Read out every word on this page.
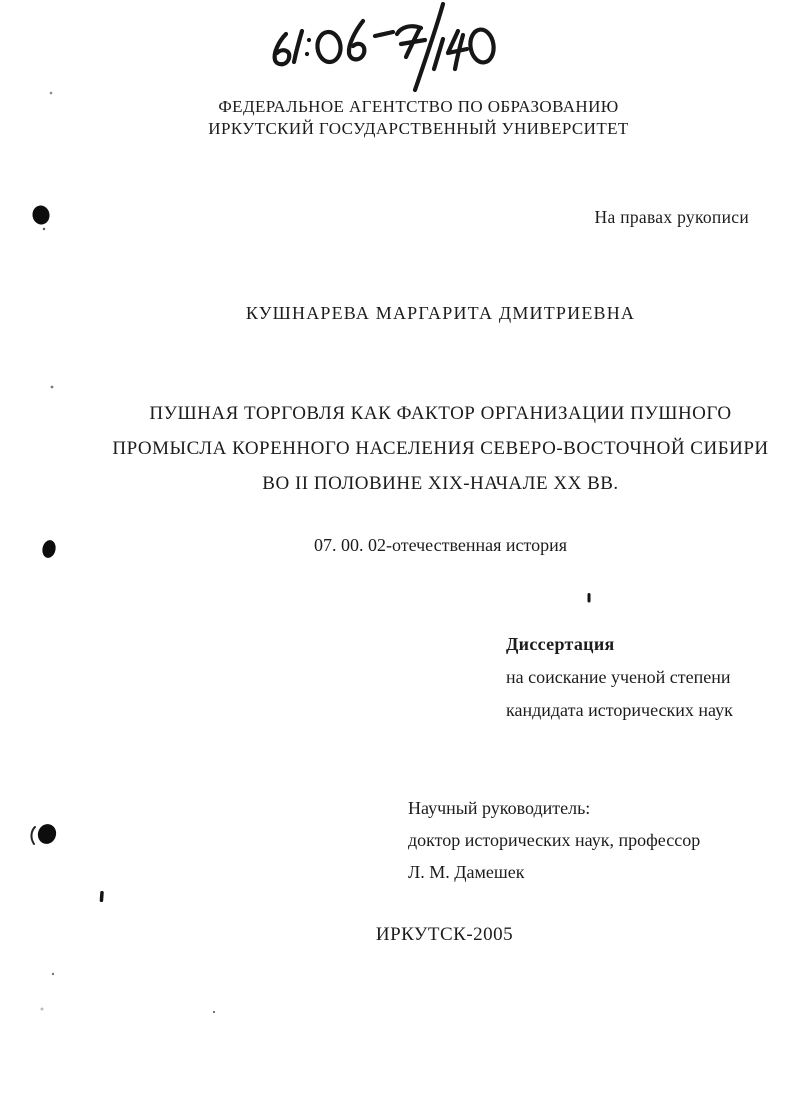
ФЕДЕРАЛЬНОЕ АГЕНТСТВО ПО ОБРАЗОВАНИЮ
ИРКУТСКИЙ ГОСУДАРСТВЕННЫЙ УНИВЕРСИТЕТ
На правах рукописи
КУШНАРЕВА МАРГАРИТА ДМИТРИЕВНА
ПУШНАЯ ТОРГОВЛЯ КАК ФАКТОР ОРГАНИЗАЦИИ ПУШНОГО
ПРОМЫСЛА КОРЕННОГО НАСЕЛЕНИЯ СЕВЕРО-ВОСТОЧНОЙ СИБИРИ
ВО II ПОЛОВИНЕ XIX-НАЧАЛЕ XX ВВ.
07. 00. 02-отечественная история
Диссертация
на соискание ученой степени
кандидата исторических наук
Научный руководитель:
доктор исторических наук, профессор
Л. М. Дамешек
ИРКУТСК-2005
